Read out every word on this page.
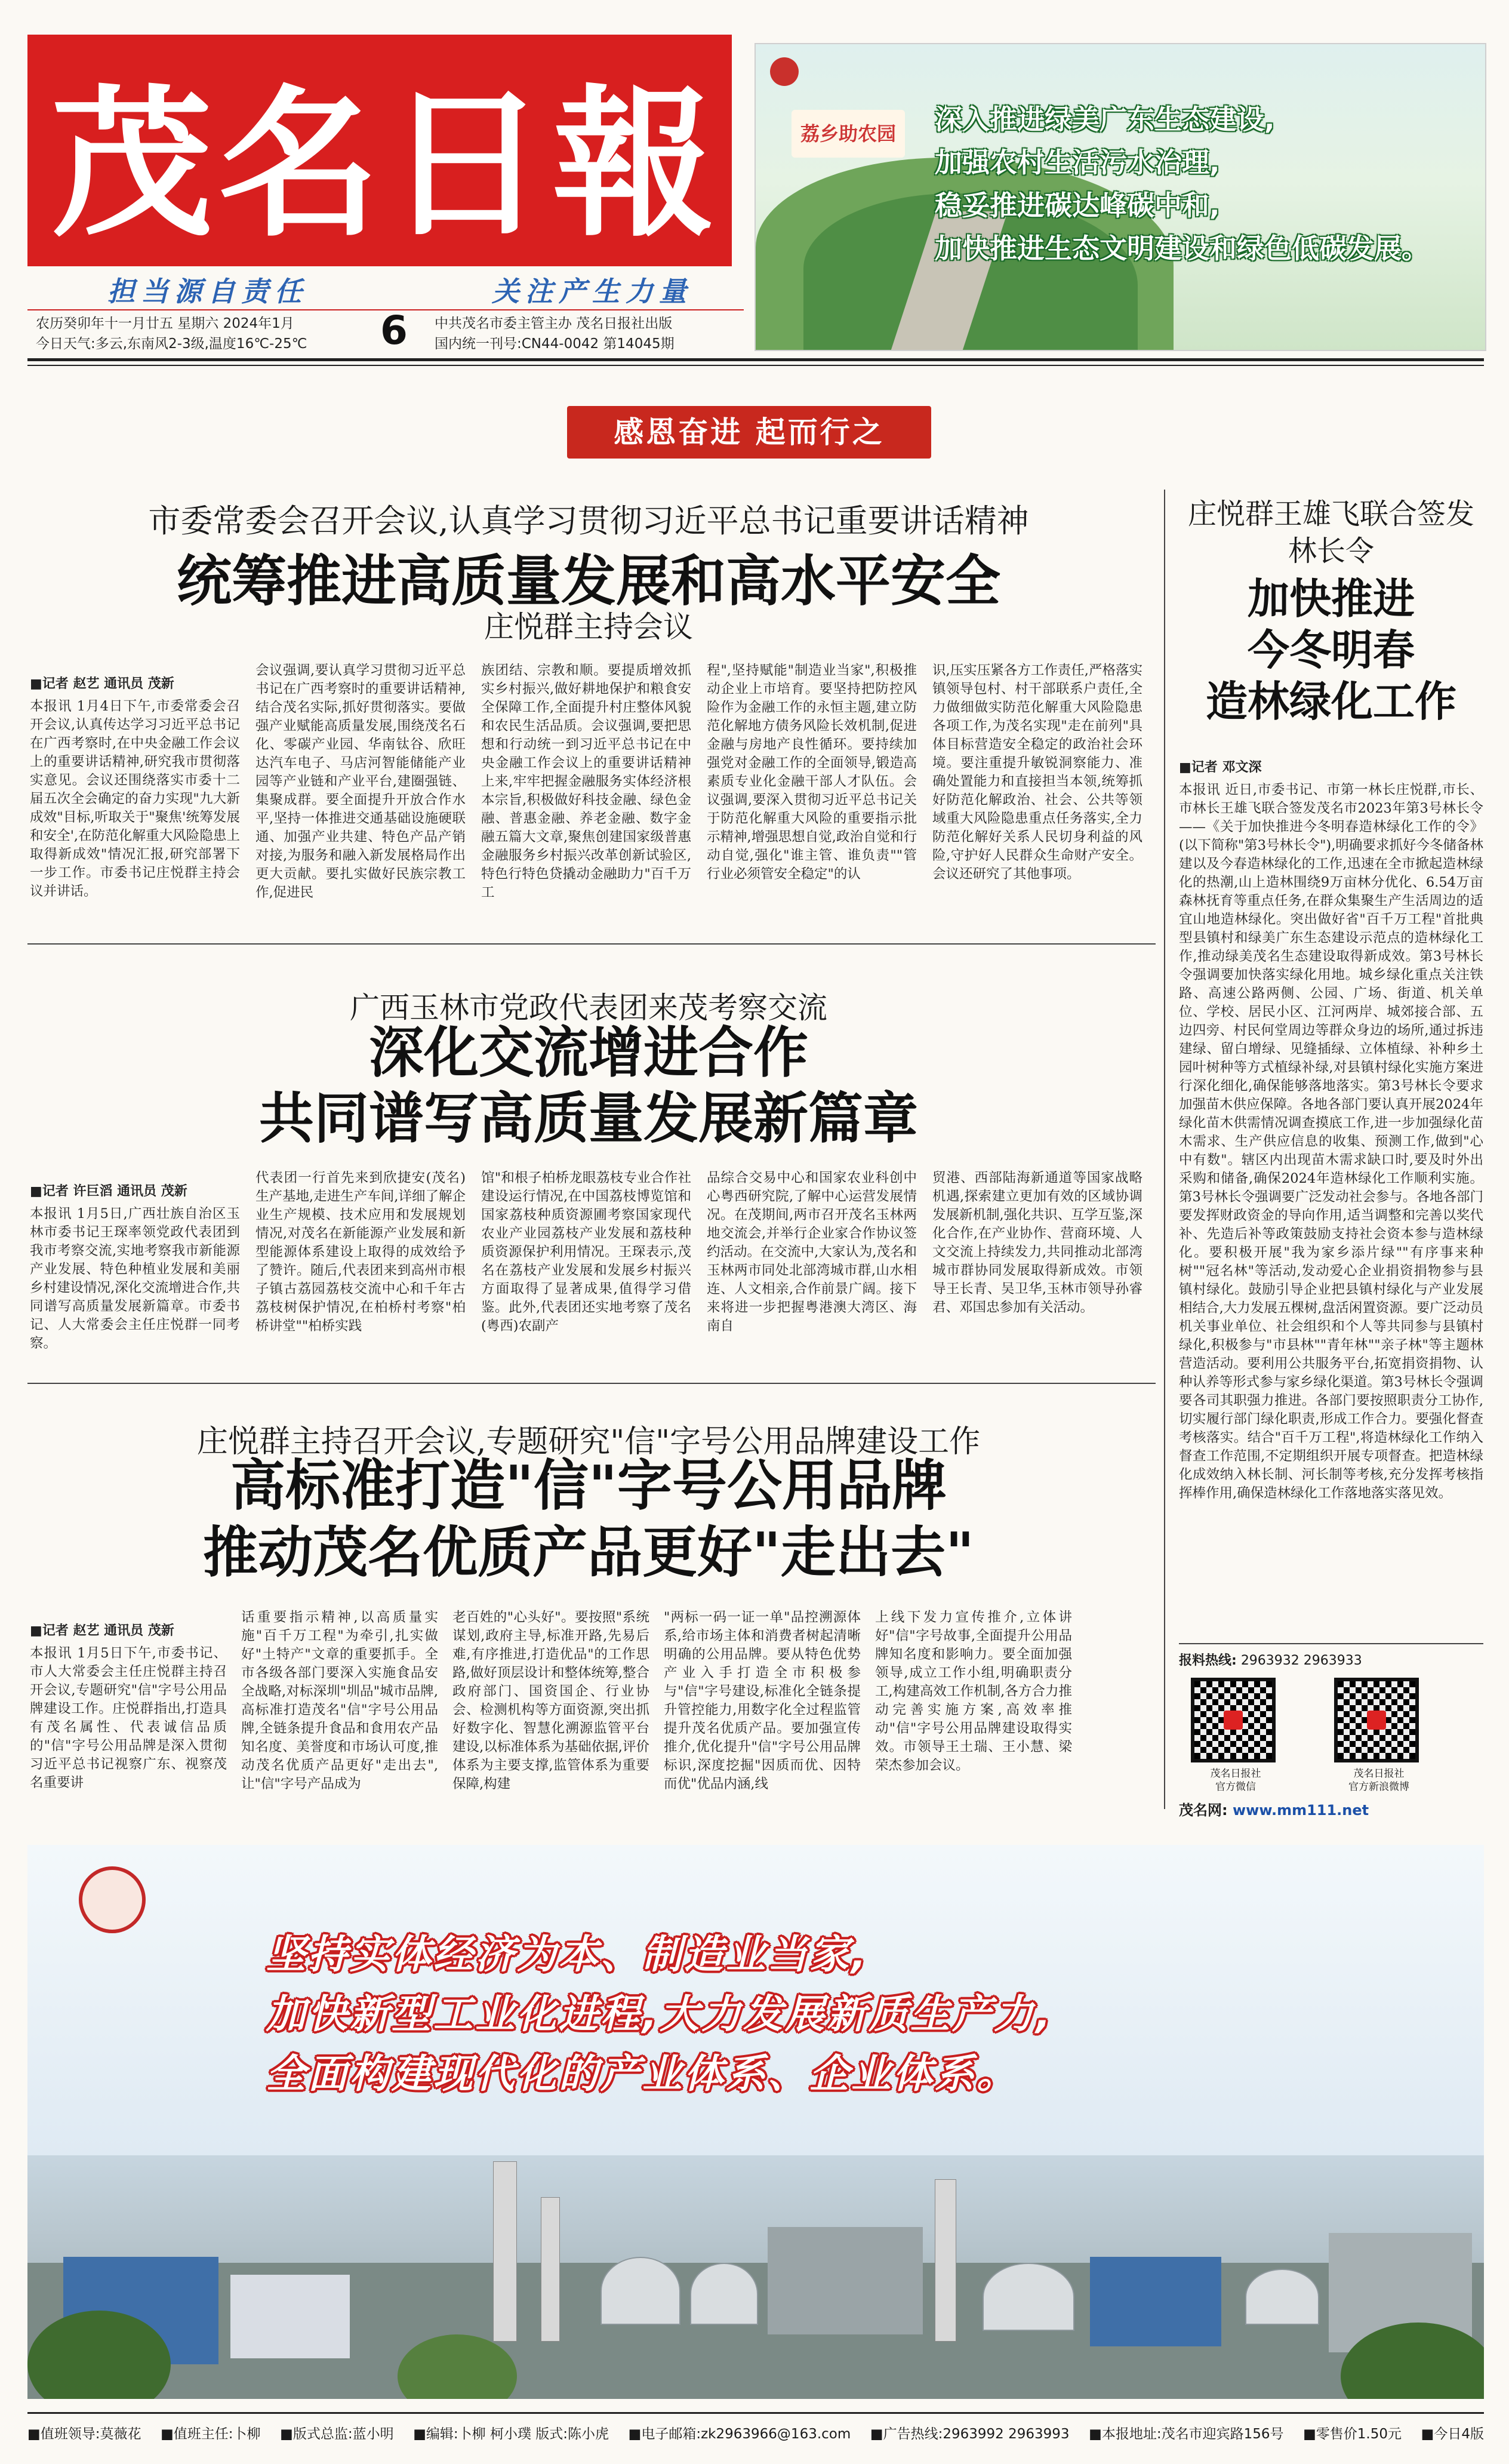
茂 名 日 報
担当源自责任	关注产生力量
农历癸卯年十一月廿五 星期六 2024年1月
今日天气:多云,东南风2-3级,温度16℃-25℃	6	中共茂名市委主管主办 茂名日报社出版
国内统一刊号:CN44-0042 第14045期
荔乡助农园	深入推进绿美广东生态建设,
加强农村生活污水治理,
稳妥推进碳达峰碳中和,
加快推进生态文明建设和绿色低碳发展。
感恩奋进 起而行之
市委常委会召开会议,认真学习贯彻习近平总书记重要讲话精神
统筹推进高质量发展和高水平安全
庄悦群主持会议
■记者 赵艺 通讯员 茂新
本报讯 1月4日下午,市委常委会召开会议,认真传达学习习近平总书记在广西考察时,在中央金融工作会议上的重要讲话精神,研究我市贯彻落实意见。会议还围绕落实市委十二届五次全会确定的奋力实现"九大新成效"目标,听取关于"聚焦'统筹发展和安全',在防范化解重大风险隐患上取得新成效"情况汇报,研究部署下一步工作。市委书记庄悦群主持会议并讲话。
会议强调,要认真学习贯彻习近平总书记在广西考察时的重要讲话精神,结合茂名实际,抓好贯彻落实。要做强产业赋能高质量发展,围绕茂名石化、零碳产业园、华南钛谷、欣旺达汽车电子、马店河智能储能产业园等产业链和产业平台,建圈强链、集聚成群。要全面提升开放合作水平,坚持一体推进交通基础设施硬联通、加强产业共建、特色产品产销对接,为服务和融入新发展格局作出更大贡献。要扎实做好民族宗教工作,促进民
族团结、宗教和顺。要提质增效抓实乡村振兴,做好耕地保护和粮食安全保障工作,全面提升村庄整体风貌和农民生活品质。会议强调,要把思想和行动统一到习近平总书记在中央金融工作会议上的重要讲话精神上来,牢牢把握金融服务实体经济根本宗旨,积极做好科技金融、绿色金融、普惠金融、养老金融、数字金融五篇大文章,聚焦创建国家级普惠金融服务乡村振兴改革创新试验区,特色行特色贷撬动金融助力"百千万工
程",坚持赋能"制造业当家",积极推动企业上市培育。要坚持把防控风险作为金融工作的永恒主题,建立防范化解地方债务风险长效机制,促进金融与房地产良性循环。要持续加强党对金融工作的全面领导,锻造高素质专业化金融干部人才队伍。会议强调,要深入贯彻习近平总书记关于防范化解重大风险的重要指示批示精神,增强思想自觉,政治自觉和行动自觉,强化"谁主管、谁负责""管行业必须管安全稳定"的认
识,压实压紧各方工作责任,严格落实镇领导包村、村干部联系户责任,全力做细做实防范化解重大风险隐患各项工作,为茂名实现"走在前列"具体目标营造安全稳定的政治社会环境。要注重提升敏锐洞察能力、准确处置能力和直接担当本领,统筹抓好防范化解政治、社会、公共等领域重大风险隐患重点任务落实,全力防范化解好关系人民切身利益的风险,守护好人民群众生命财产安全。会议还研究了其他事项。
广西玉林市党政代表团来茂考察交流
深化交流增进合作
共同谱写高质量发展新篇章
■记者 许巨滔 通讯员 茂新
本报讯 1月5日,广西壮族自治区玉林市委书记王琛率领党政代表团到我市考察交流,实地考察我市新能源产业发展、特色种植业发展和美丽乡村建设情况,深化交流增进合作,共同谱写高质量发展新篇章。市委书记、人大常委会主任庄悦群一同考察。
代表团一行首先来到欣捷安(茂名)生产基地,走进生产车间,详细了解企业生产规模、技术应用和发展规划情况,对茂名在新能源产业发展和新型能源体系建设上取得的成效给予了赞许。随后,代表团来到高州市根子镇古荔园荔枝交流中心和千年古荔枝树保护情况,在柏桥村考察"柏桥讲堂""柏桥实践
馆"和根子柏桥龙眼荔枝专业合作社建设运行情况,在中国荔枝博览馆和国家荔枝种质资源圃考察国家现代农业产业园荔枝产业发展和荔枝种质资源保护利用情况。王琛表示,茂名在荔枝产业发展和发展乡村振兴方面取得了显著成果,值得学习借鉴。此外,代表团还实地考察了茂名(粤西)农副产
品综合交易中心和国家农业科创中心粤西研究院,了解中心运营发展情况。在茂期间,两市召开茂名玉林两地交流会,并举行企业家合作协议签约活动。在交流中,大家认为,茂名和玉林两市同处北部湾城市群,山水相连、人文相亲,合作前景广阔。接下来将进一步把握粤港澳大湾区、海南自
贸港、西部陆海新通道等国家战略机遇,探索建立更加有效的区域协调发展新机制,强化共识、互学互鉴,深化合作,在产业协作、营商环境、人文交流上持续发力,共同推动北部湾城市群协同发展取得新成效。市领导王长青、吴卫华,玉林市领导孙睿君、邓国忠参加有关活动。
庄悦群主持召开会议,专题研究"信"字号公用品牌建设工作
高标准打造"信"字号公用品牌
推动茂名优质产品更好"走出去"
■记者 赵艺 通讯员 茂新
本报讯 1月5日下午,市委书记、市人大常委会主任庄悦群主持召开会议,专题研究"信"字号公用品牌建设工作。庄悦群指出,打造具有茂名属性、代表诚信品质的"信"字号公用品牌是深入贯彻习近平总书记视察广东、视察茂名重要讲
话重要指示精神,以高质量实施"百千万工程"为牵引,扎实做好"土特产"文章的重要抓手。全市各级各部门要深入实施食品安全战略,对标深圳"圳品"城市品牌,高标准打造茂名"信"字号公用品牌,全链条提升食品和食用农产品知名度、美誉度和市场认可度,推动茂名优质产品更好"走出去",让"信"字号产品成为
老百姓的"心头好"。要按照"系统谋划,政府主导,标准开路,先易后难,有序推进,打造优品"的工作思路,做好顶层设计和整体统筹,整合政府部门、国资国企、行业协会、检测机构等方面资源,突出抓好数字化、智慧化溯源监管平台建设,以标准体系为基础依据,评价体系为主要支撑,监管体系为重要保障,构建
"两标一码一证一单"品控溯源体系,给市场主体和消费者树起清晰明确的公用品牌。要从特色优势产业入手打造全市积极参与"信"字号建设,标准化全链条提升管控能力,用数字化全过程监管提升茂名优质产品。要加强宣传推介,优化提升"信"字号公用品牌标识,深度挖掘"因质而优、因特而优"优品内涵,线
上线下发力宣传推介,立体讲好"信"字号故事,全面提升公用品牌知名度和影响力。要全面加强领导,成立工作小组,明确职责分工,构建高效工作机制,各方合力推动完善实施方案,高效率推动"信"字号公用品牌建设取得实效。市领导王土瑞、王小慧、梁荣杰参加会议。
庄悦群王雄飞联合签发林长令
加快推进
今冬明春
造林绿化工作
■记者 邓文深
本报讯 近日,市委书记、市第一林长庄悦群,市长、市林长王雄飞联合签发茂名市2023年第3号林长令——《关于加快推进今冬明春造林绿化工作的令》(以下简称"第3号林长令"),明确要求抓好今冬储备林建以及今春造林绿化的工作,迅速在全市掀起造林绿化的热潮,山上造林围绕9万亩林分优化、6.54万亩森林抚育等重点任务,在群众集聚生产生活周边的适宜山地造林绿化。突出做好省"百千万工程"首批典型县镇村和绿美广东生态建设示范点的造林绿化工作,推动绿美茂名生态建设取得新成效。第3号林长令强调要加快落实绿化用地。城乡绿化重点关注铁路、高速公路两侧、公园、广场、街道、机关单位、学校、居民小区、江河两岸、城郊接合部、五边四旁、村民何堂周边等群众身边的场所,通过拆违建绿、留白增绿、见缝插绿、立体植绿、补种乡土园叶树种等方式植绿补绿,对县镇村绿化实施方案进行深化细化,确保能够落地落实。第3号林长令要求加强苗木供应保障。各地各部门要认真开展2024年绿化苗木供需情况调查摸底工作,进一步加强绿化苗木需求、生产供应信息的收集、预测工作,做到"心中有数"。辖区内出现苗木需求缺口时,要及时外出采购和储备,确保2024年造林绿化工作顺利实施。第3号林长令强调要广泛发动社会参与。各地各部门要发挥财政资金的导向作用,适当调整和完善以奖代补、先造后补等政策鼓励支持社会资本参与造林绿化。要积极开展"我为家乡添片绿""有序事来种树""冠名林"等活动,发动爱心企业捐资捐物参与县镇村绿化。鼓励引导企业把县镇村绿化与产业发展相结合,大力发展五棵树,盘活闲置资源。要广泛动员机关事业单位、社会组织和个人等共同参与县镇村绿化,积极参与"市县林""青年林""亲子林"等主题林营造活动。要利用公共服务平台,拓宽捐资捐物、认种认养等形式参与家乡绿化渠道。第3号林长令强调要各司其职强力推进。各部门要按照职责分工协作,切实履行部门绿化职责,形成工作合力。要强化督查考核落实。结合"百千万工程",将造林绿化工作纳入督查工作范围,不定期组织开展专项督查。把造林绿化成效纳入林长制、河长制等考核,充分发挥考核指挥棒作用,确保造林绿化工作落地落实落见效。
报料热线: 2963932 2963933
茂名日报社
官方微信
茂名日报社
官方新浪微博
茂名网: www.mm111.net
坚持实体经济为本、制造业当家,
加快新型工业化进程,大力发展新质生产力,
全面构建现代化的产业体系、企业体系。
■值班领导:莫薇花 ■值班主任:卜柳 ■版式总监:蓝小明 ■编辑:卜柳 柯小璞 版式:陈小虎 ■电子邮箱:zk2963966@163.com ■广告热线:2963992 2963993 ■本报地址:茂名市迎宾路156号 ■零售价1.50元 ■今日4版
